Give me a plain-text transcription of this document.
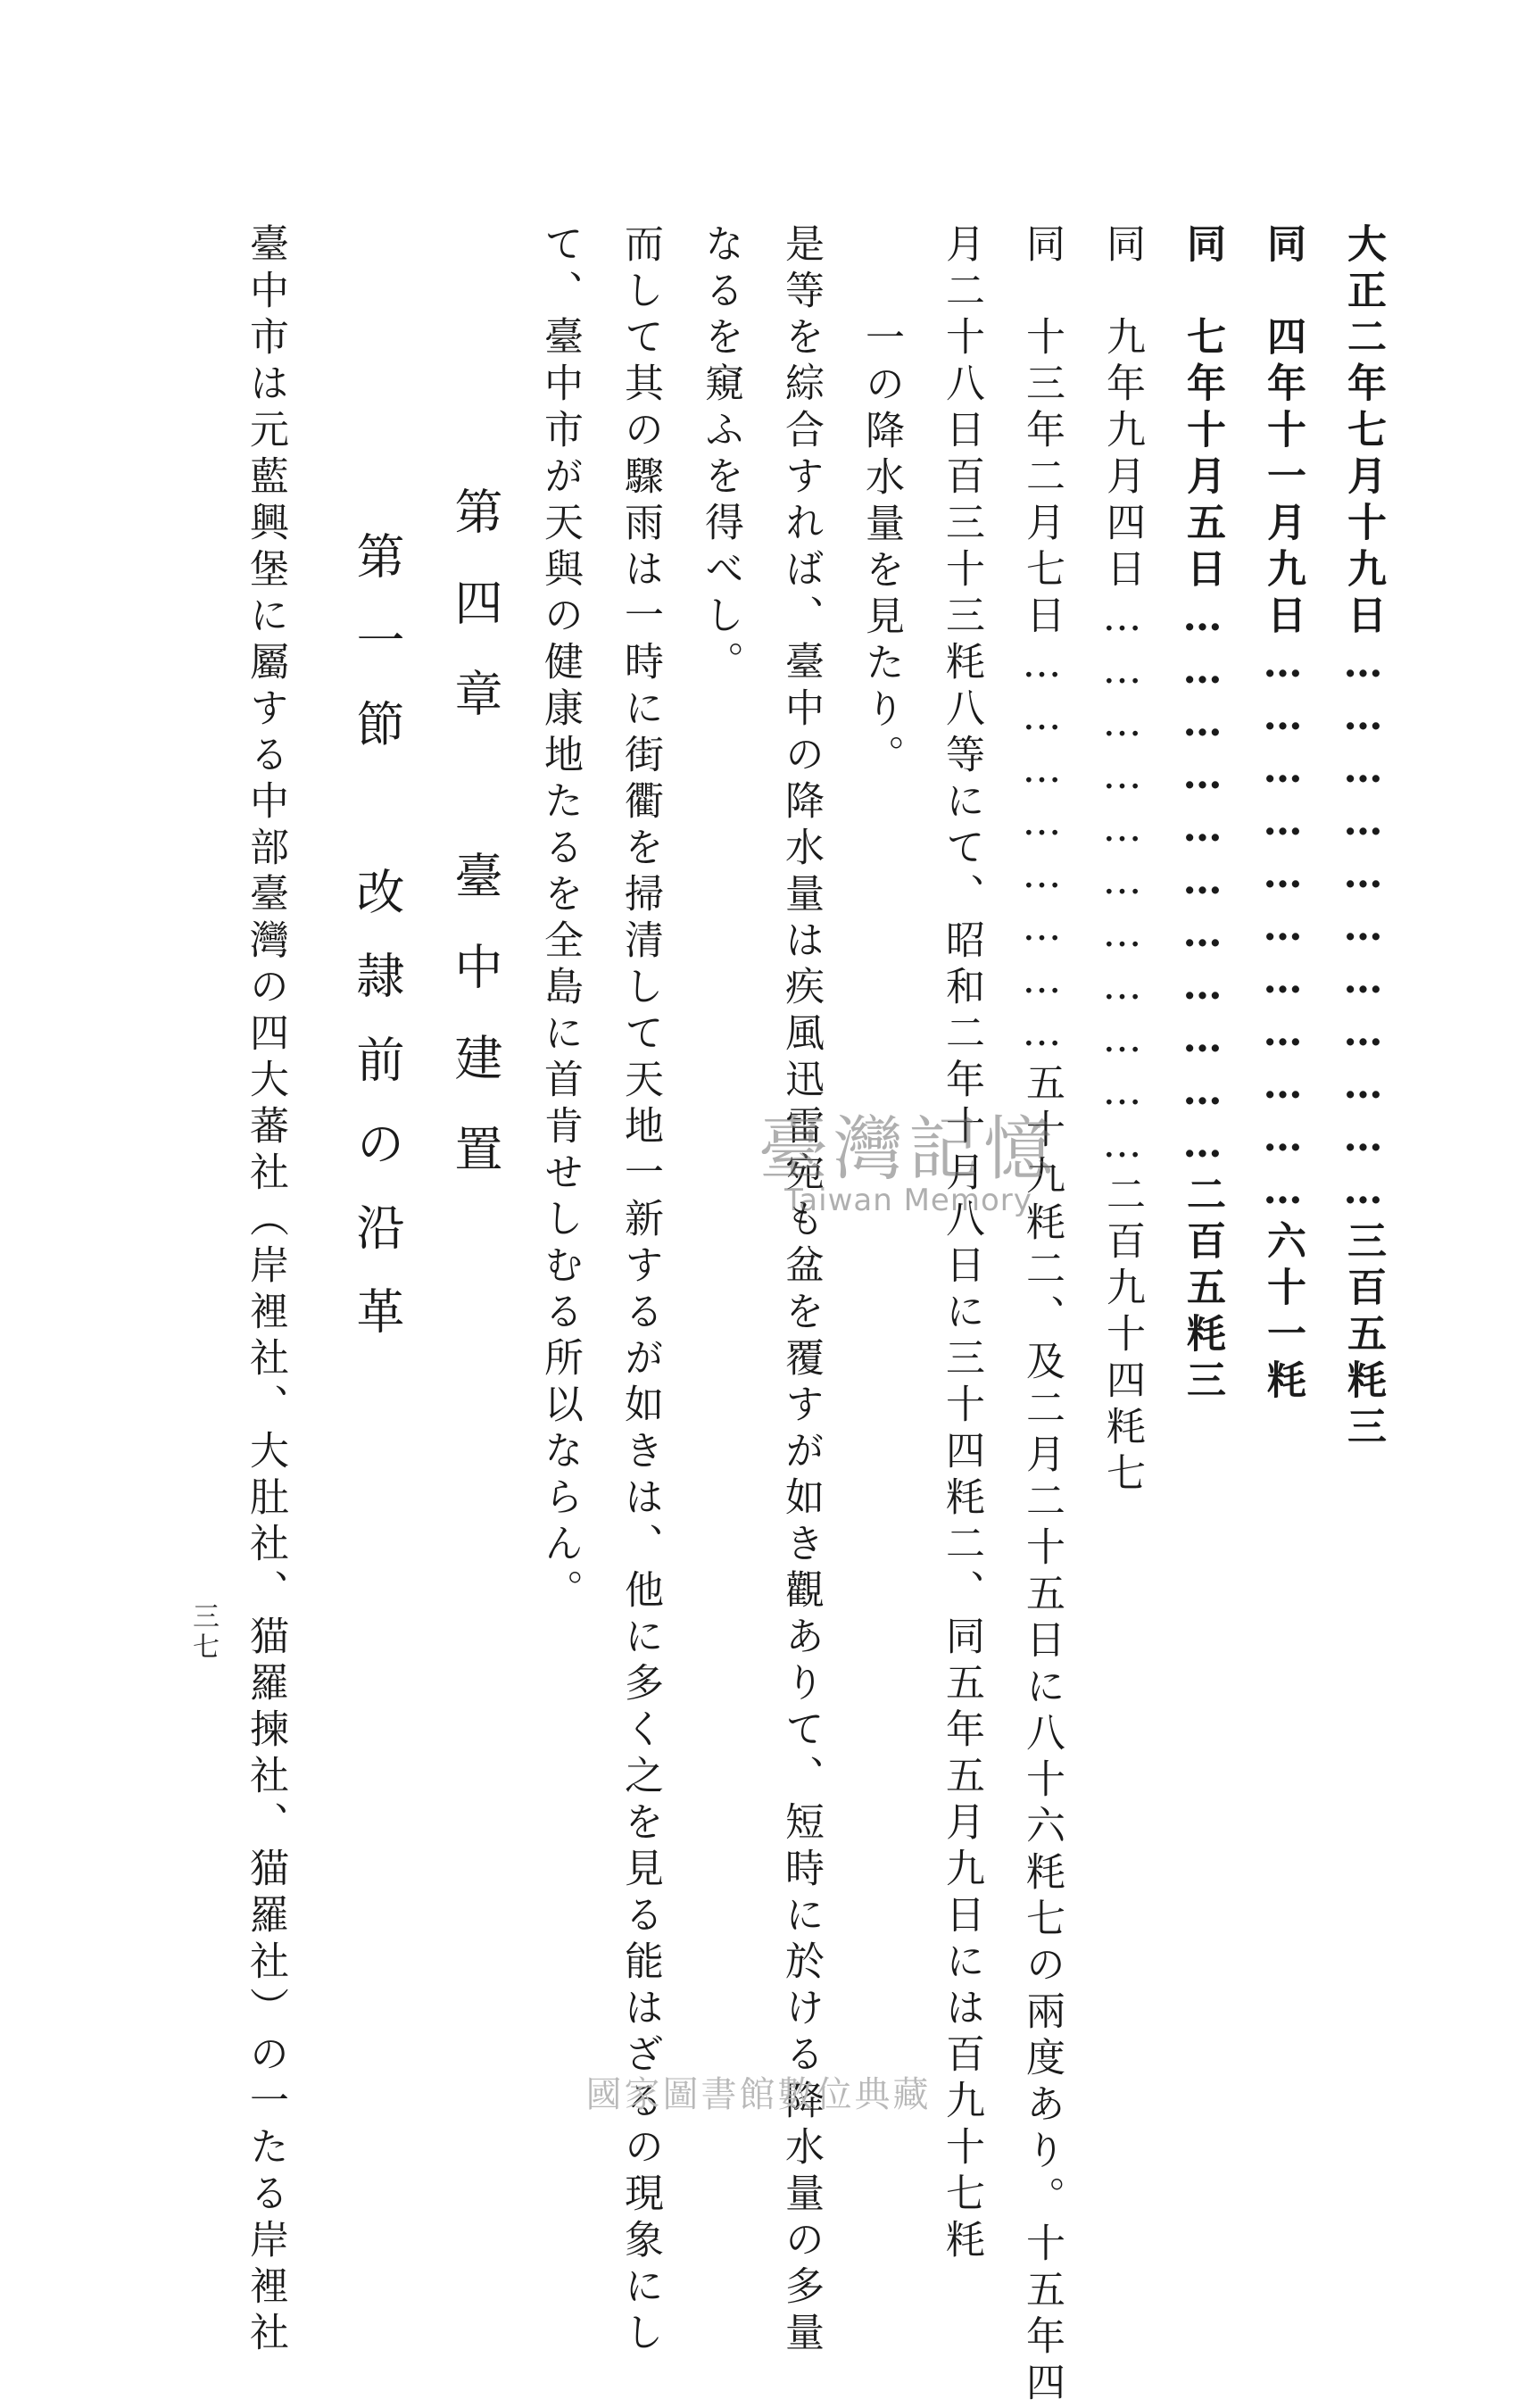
大正二年七月十九日……………………………三百五粍三
同　四年十一月九日……………………………六十一粍
同　七年十月五日……………………………二百五粍三
同　九年九月四日……………………………二百九十四粍七
同　十三年二月七日……………………五十九粍二、及二月二十五日に八十六粍七の兩度あり。十五年四
月二十八日百三十三粍八等にて、昭和二年十月八日に三十四粍二、同五年五月九日には百九十七粍
一の降水量を見たり。
是等を綜合すれば、臺中の降水量は疾風迅雷宛も盆を覆すが如き觀ありて、短時に於ける降水量の多量
なるを窺ふを得べし。
而して其の驟雨は一時に街衢を掃清して天地一新するが如きは、他に多く之を見る能はざるの現象にし
て、臺中市が天與の健康地たるを全島に首肯せしむる所以ならん。
第四章　臺中建置
第一節　改隷前の沿革
臺中市は元藍興堡に屬する中部臺灣の四大蕃社（岸裡社、大肚社、猫羅揀社、猫羅社）の一たる岸裡社
三七
臺灣記憶
Taiwan Memory
國家圖書館數位典藏
